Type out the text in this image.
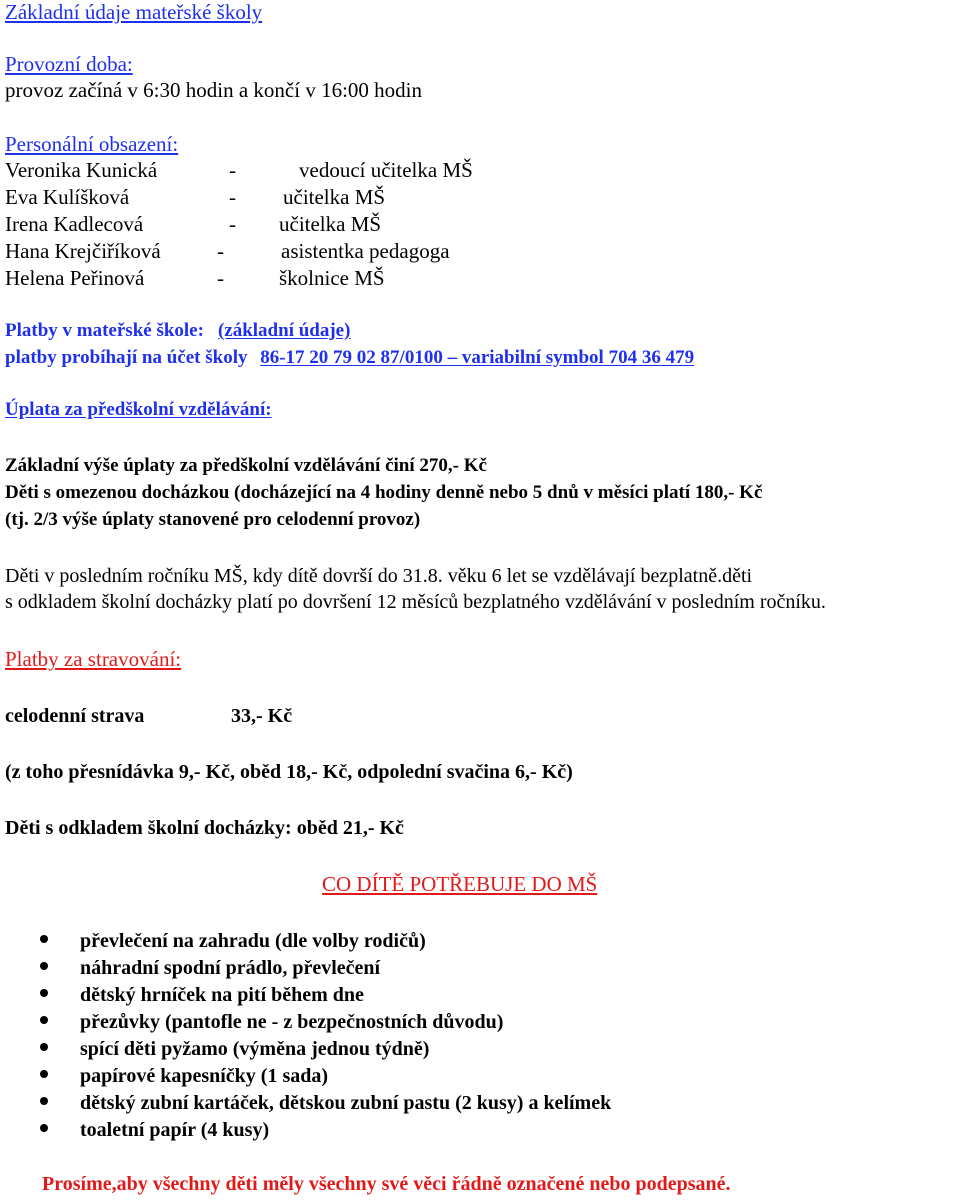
Základní údaje mateřské školy
Provozní doba:
provoz začíná v 6:30 hodin a končí v 16:00 hodin
Personální obsazení:
Veronika Kunická	-	vedoucí učitelka MŠ
Eva Kulíšková	- učitelka MŠ
Irena Kadlecová	- učitelka MŠ
Hana Krejčiříková	-	asistentka pedagoga
Helena Peřinová	-	školnice MŠ
Platby v mateřské škole: (základní údaje)
platby probíhají na účet školy 86-17 20 79 02 87/0100 – variabilní symbol 704 36 479
Úplata za předškolní vzdělávání:
Základní výše úplaty za předškolní vzdělávání činí 270,- Kč
Děti s omezenou docházkou (docházející na 4 hodiny denně nebo 5 dnů v měsíci platí 180,- Kč
(tj. 2/3 výše úplaty stanovené pro celodenní provoz)
Děti v posledním ročníku MŠ, kdy dítě dovrší do 31.8. věku 6 let se vzdělávají bezplatně.děti
s odkladem školní docházky platí po dovršení 12 měsíců bezplatného vzdělávání v posledním ročníku.
Platby za stravování:
celodenní strava	33,- Kč
(z toho přesnídávka 9,- Kč, oběd 18,- Kč, odpolední svačina 6,- Kč)
Děti s odkladem školní docházky: oběd 21,- Kč
CO DÍTĚ POTŘEBUJE DO MŠ
převlečení na zahradu (dle volby rodičů)
náhradní spodní prádlo, převlečení
dětský hrníček na pití během dne
přezůvky (pantofle ne - z bezpečnostních důvodu)
spící děti pyžamo (výměna jednou týdně)
papírové kapesníčky (1 sada)
dětský zubní kartáček, dětskou zubní pastu (2 kusy) a kelímek
toaletní papír (4 kusy)
Prosíme,aby všechny děti měly všechny své věci řádně označené nebo podepsané.
